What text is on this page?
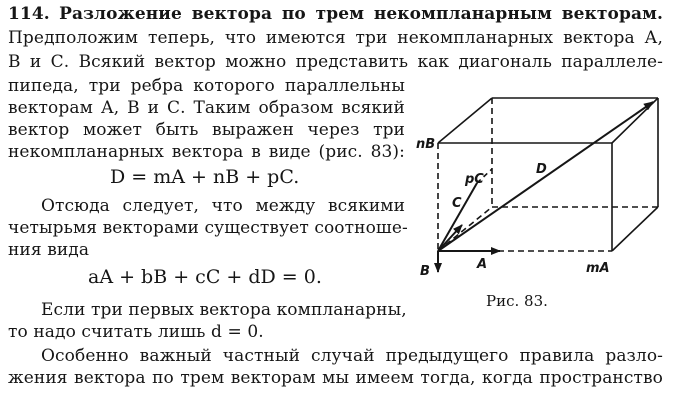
114. Разложение вектора по трем некомпланарным векторам.
Предположим теперь, что имеются три некомпланарных вектора А,
В и С. Всякий вектор можно представить как диагональ параллеле-
пипеда, три ребра которого параллельны
векторам А, В и С. Таким образом всякий
вектор может быть выражен через три
некомпланарных вектора в виде (рис. 83):
D = mA + nB + pC.
Отсюда следует, что между всякими
четырьмя векторами существует соотноше-
ния вида
aA + bB + cC + dD = 0.
Если три первых вектора компланарны,
то надо считать лишь d = 0.
Особенно важный частный случай предыдущего правила разло-
жения вектора по трем векторам мы имеем тогда, когда пространство
nB
pC
D
C
B	A	mA
Рис. 83.
